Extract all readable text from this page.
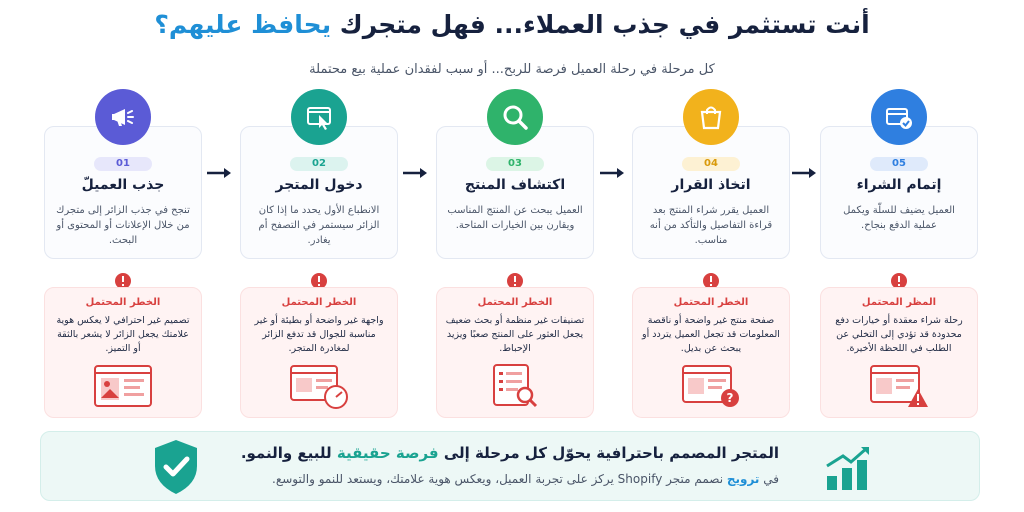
أنت تستثمر في جذب العملاء... فهل متجرك يحافظ عليهم؟
كل مرحلة في رحلة العميل فرصة للربح... أو سبب لفقدان عملية بيع محتملة
01
جذب العميلّ
تنجح في جذب الزائر إلى متجرك من خلال الإعلانات أو المحتوى أو البحث.
02
دخول المتجر
الانطباع الأول يحدد ما إذا كان الزائر سيستمر في التصفح أم يغادر.
03
اكتشاف المنتج
العميل يبحث عن المنتج المناسب ويقارن بين الخيارات المتاحة.
04
اتخاذ القرار
العميل يقرر شراء المنتج بعد قراءة التفاصيل والتأكد من أنه مناسب.
05
إتمام الشراء
العميل يضيف للسلّة ويكمل عملية الدفع بنجاح.
الخطر المحتمل
تصميم غير احترافي لا يعكس هوية علامتك يجعل الزائر لا يشعر بالثقة أو التميز.
الخطر المحتمل
واجهة غير واضحة أو بطيئة أو غير مناسبة للجوال قد تدفع الزائر لمغادرة المتجر.
الخطر المحتمل
تصنيفات غير منظمة أو بحث ضعيف يجعل العثور على المنتج صعبًا ويزيد الإحباط.
الخطر المحتمل
صفحة منتج غير واضحة أو ناقصة المعلومات قد تجعل العميل يتردد أو يبحث عن بديل.
?
المظر المحتمل
رحلة شراء معقدة أو خيارات دفع محدودة قد تؤدي إلى التخلي عن الطلب في اللحظة الأخيرة.
المتجر المصمم باحترافية يحوّل كل مرحلة إلى فرصة حقيقية للبيع والنمو.
في ترويج نصمم متجر Shopify يركز على تجربة العميل، ويعكس هوية علامتك، ويستعد للنمو والتوسع.
